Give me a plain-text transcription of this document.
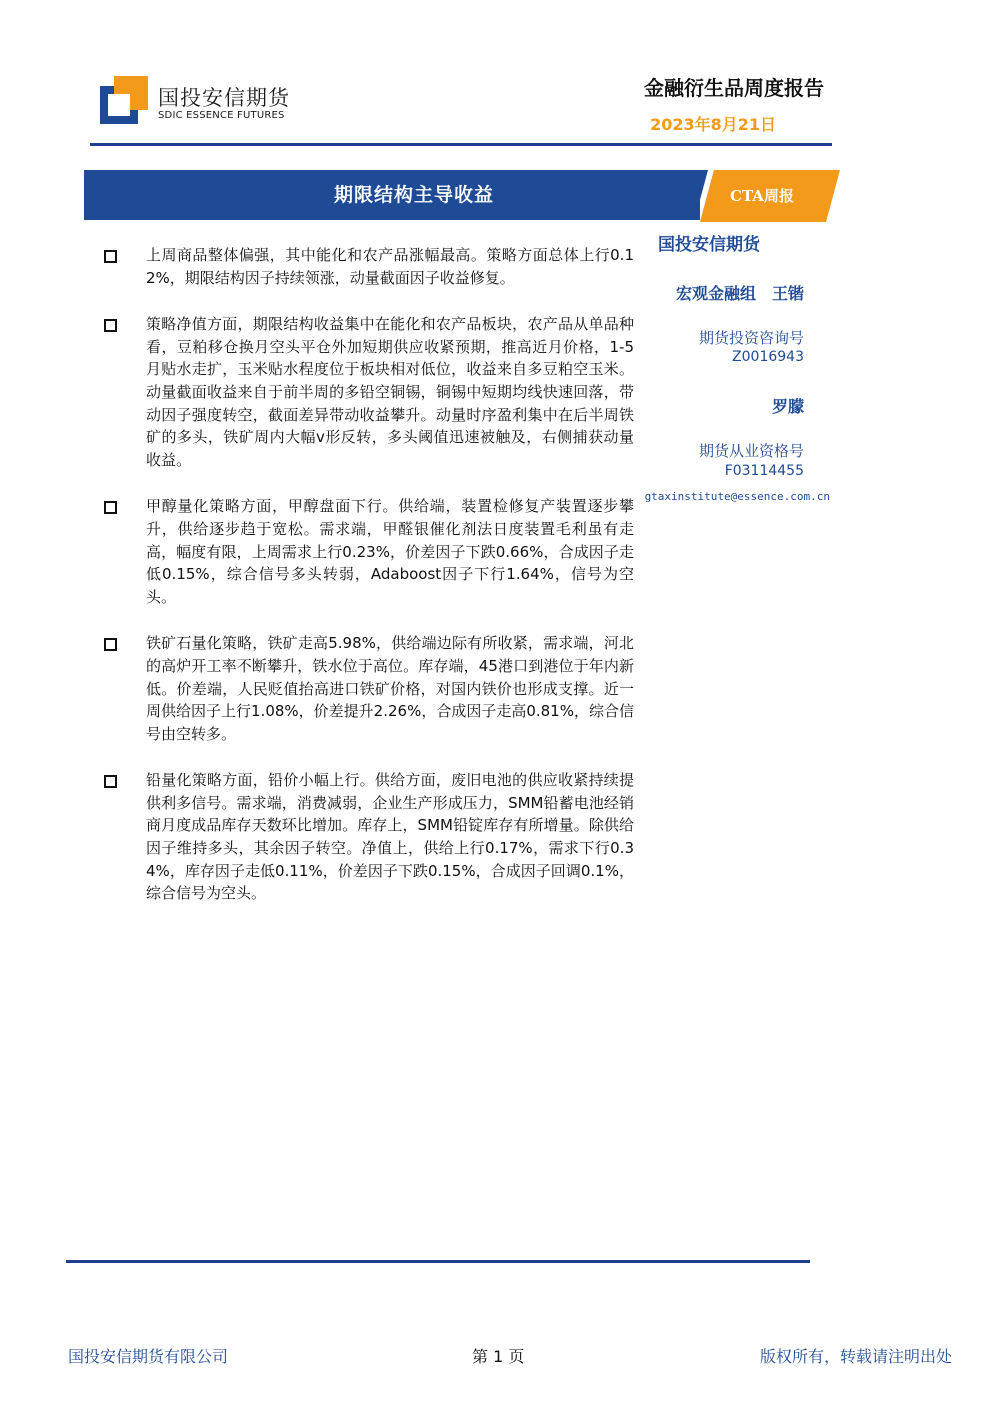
国投安信期货
SDIC ESSENCE FUTURES
金融衍生品周度报告
2023年8月21日
期限结构主导收益	CTA周报
上周商品整体偏强，其中能化和农产品涨幅最高。策略方面总体上行0.12%，期限结构因子持续领涨，动量截面因子收益修复。
策略净值方面，期限结构收益集中在能化和农产品板块，农产品从单品种看，豆粕移仓换月空头平仓外加短期供应收紧预期，推高近月价格，1-5月贴水走扩，玉米贴水程度位于板块相对低位，收益来自多豆粕空玉米。动量截面收益来自于前半周的多铅空铜锡，铜锡中短期均线快速回落，带动因子强度转空，截面差异带动收益攀升。动量时序盈利集中在后半周铁矿的多头，铁矿周内大幅v形反转，多头阈值迅速被触及，右侧捕获动量收益。
甲醇量化策略方面，甲醇盘面下行。供给端，装置检修复产装置逐步攀升，供给逐步趋于宽松。需求端，甲醛银催化剂法日度装置毛利虽有走高，幅度有限，上周需求上行0.23%，价差因子下跌0.66%，合成因子走低0.15%，综合信号多头转弱，Adaboost因子下行1.64%，信号为空头。
铁矿石量化策略，铁矿走高5.98%，供给端边际有所收紧，需求端，河北的高炉开工率不断攀升，铁水位于高位。库存端，45港口到港位于年内新低。价差端，人民贬值抬高进口铁矿价格，对国内铁价也形成支撑。近一周供给因子上行1.08%，价差提升2.26%，合成因子走高0.81%，综合信号由空转多。
铅量化策略方面，铅价小幅上行。供给方面，废旧电池的供应收紧持续提供利多信号。需求端，消费减弱，企业生产形成压力，SMM铅蓄电池经销商月度成品库存天数环比增加。库存上，SMM铅锭库存有所增量。除供给因子维持多头，其余因子转空。净值上，供给上行0.17%，需求下行0.34%，库存因子走低0.11%，价差因子下跌0.15%，合成因子回调0.1%，综合信号为空头。
国投安信期货
宏观金融组　王锴
期货投资咨询号
Z0016943
罗朦
期货从业资格号
F03114455
gtaxinstitute@essence.com.cn
国投安信期货有限公司	第 1 页	版权所有，转载请注明出处
